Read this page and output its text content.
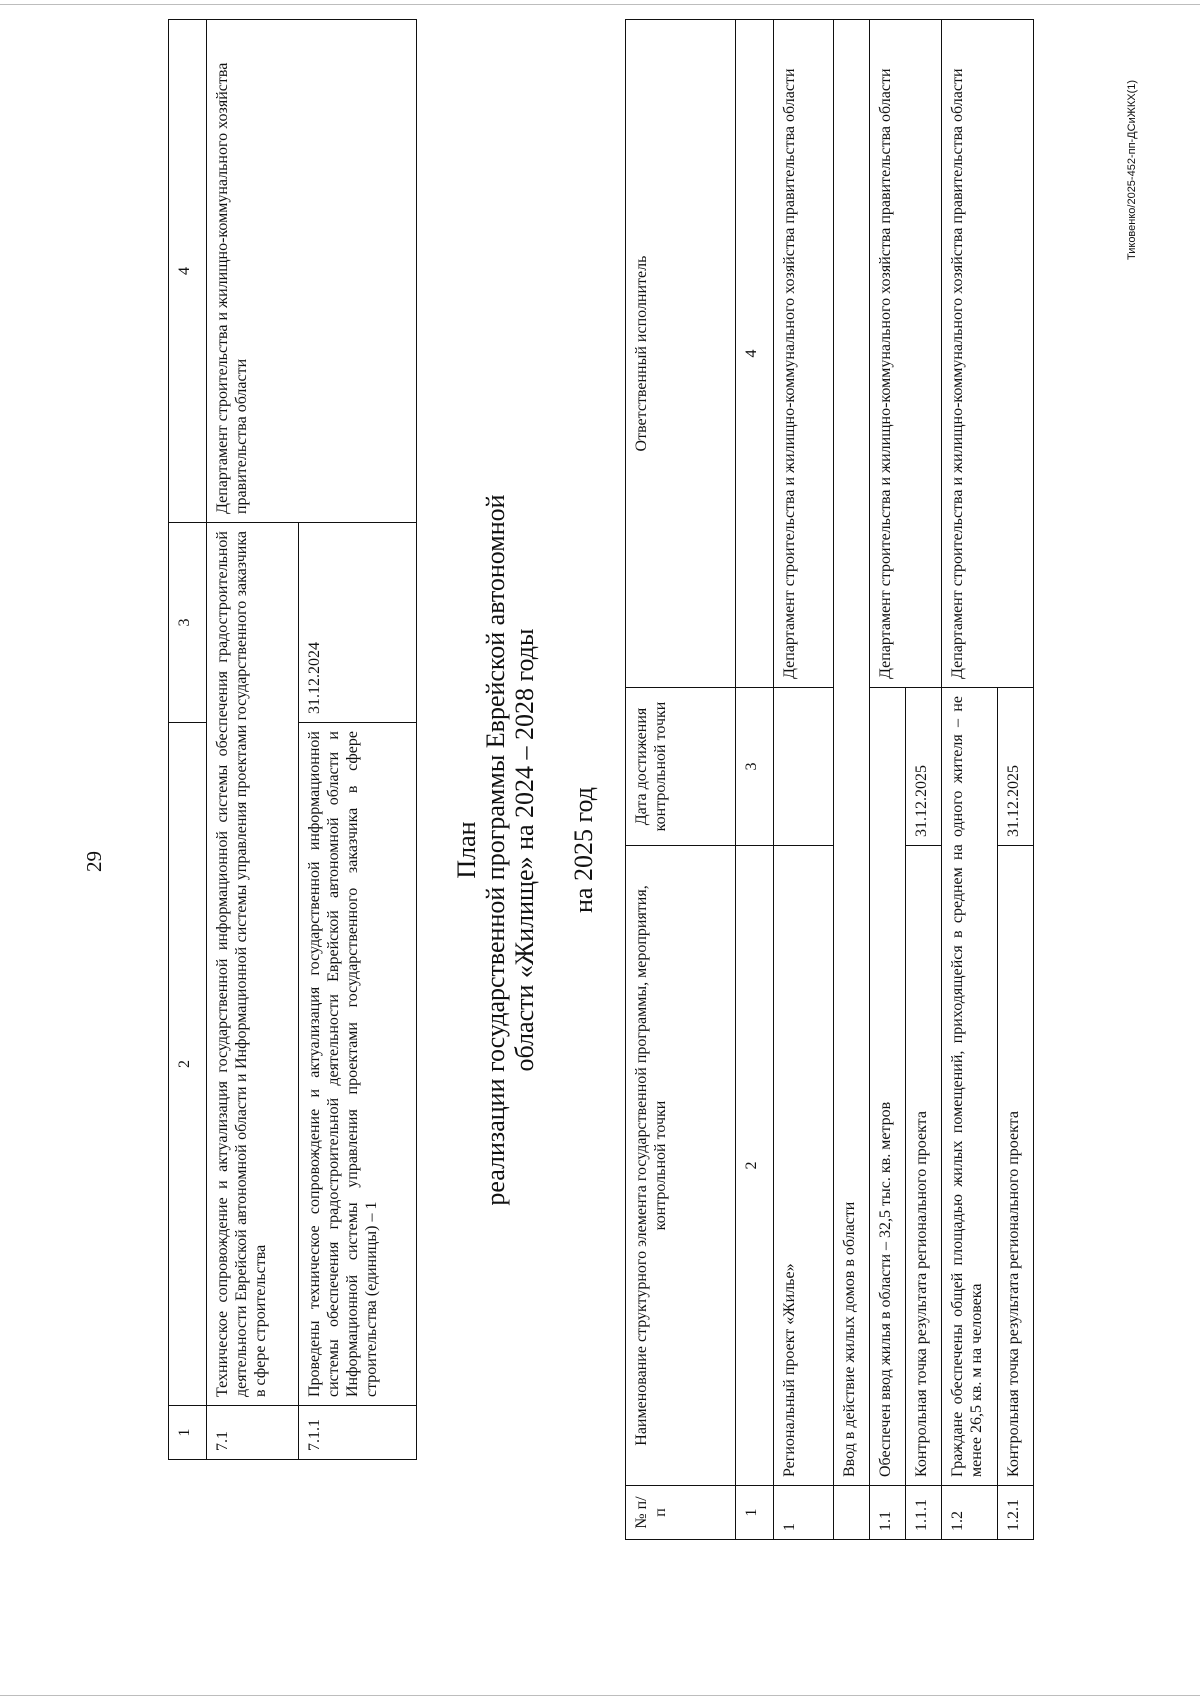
29
1	2	3	4
7.1	Техническое сопровождение и актуализация государственной информационной системы обеспечения градостроительной деятельности Еврейской автономной области и Информационной системы управления проектами государственного заказчика в сфере строительства		Департамент строительства и жилищно-коммунального хозяйства правительства области
7.1.1	Проведены техническое сопровождение и актуализация государственной информационной системы обеспечения градостроительной деятельности Еврейской автономной области и Информационной системы управления проектами государственного заказчика в сфере строительства (единицы) – 1	31.12.2024	
План реализации государственной программы Еврейской автономной области «Жилище» на 2024 – 2028 годы на 2025 год
№ п/п	Наименование структурного элемента государственной программы, мероприятия, контрольной точки	Дата достижения контрольной точки	Ответственный исполнитель
1	2	3	4
1	Региональный проект «Жилье»		Департамент строительства и жилищно-коммунального хозяйства правительства области
	Ввод в действие жилых домов в области		
1.1	Обеспечен ввод жилья в области – 32,5 тыс. кв. метров		Департамент строительства и жилищно-коммунального хозяйства правительства области
1.1.1	Контрольная точка результата регионального проекта	31.12.2025	
1.2	Граждане обеспечены общей площадью жилых помещений, приходящейся в среднем на одного жителя – не менее 26,5 кв. м на человека		Департамент строительства и жилищно-коммунального хозяйства правительства области
1.2.1	Контрольная точка результата регионального проекта	31.12.2025	
Тиковенко/2025-452-пп-ДСиЖКХ(1)
